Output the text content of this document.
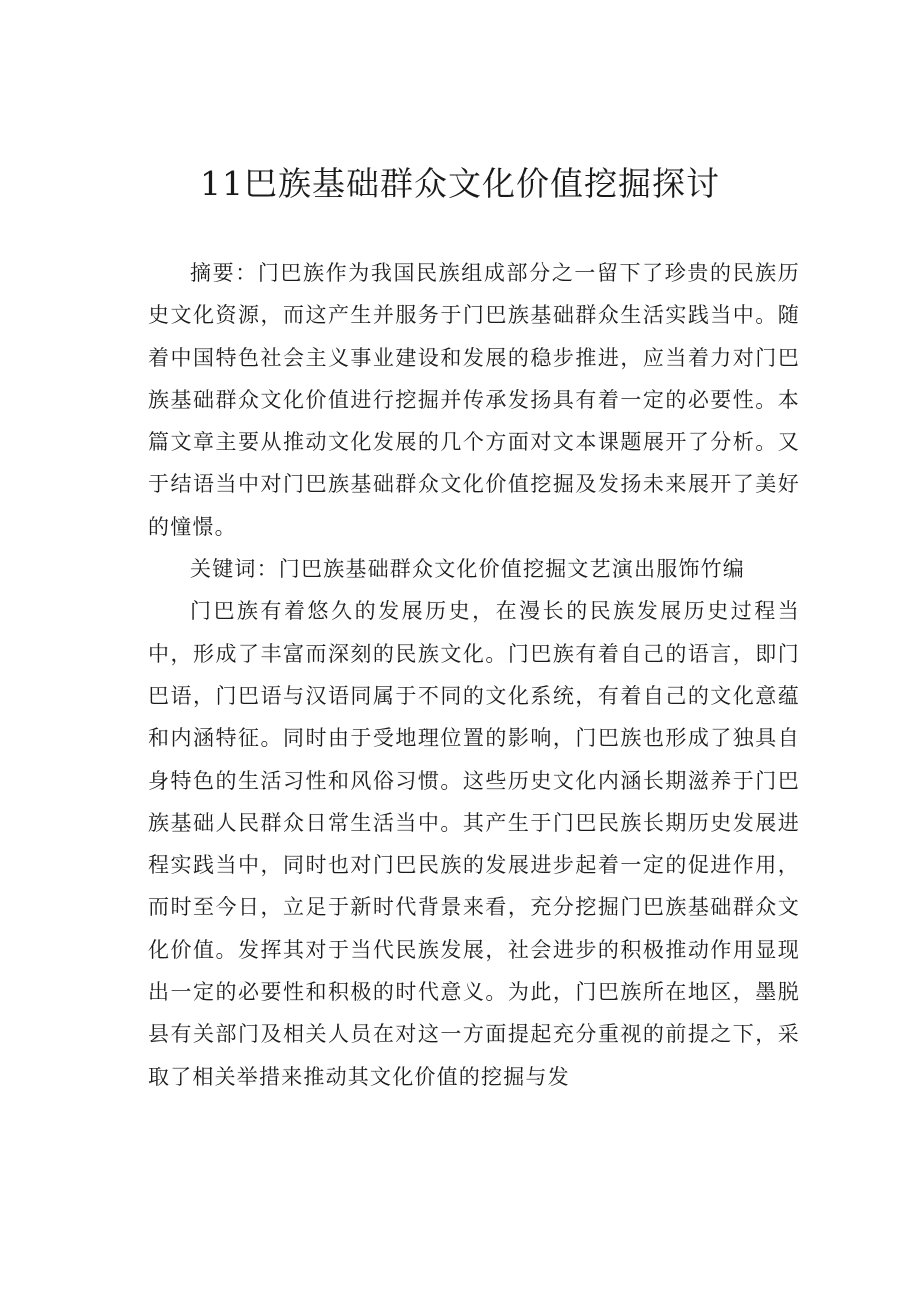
11巴族基础群众文化价值挖掘探讨

摘要：门巴族作为我国民族组成部分之一留下了珍贵的民族历史文化资源，而这产生并服务于门巴族基础群众生活实践当中。随着中国特色社会主义事业建设和发展的稳步推进，应当着力对门巴族基础群众文化价值进行挖掘并传承发扬具有着一定的必要性。本篇文章主要从推动文化发展的几个方面对文本课题展开了分析。又于结语当中对门巴族基础群众文化价值挖掘及发扬未来展开了美好的憧憬。

关键词：门巴族基础群众文化价值挖掘文艺演出服饰竹编

门巴族有着悠久的发展历史，在漫长的民族发展历史过程当中，形成了丰富而深刻的民族文化。门巴族有着自己的语言，即门巴语，门巴语与汉语同属于不同的文化系统，有着自己的文化意蕴和内涵特征。同时由于受地理位置的影响，门巴族也形成了独具自身特色的生活习性和风俗习惯。这些历史文化内涵长期滋养于门巴族基础人民群众日常生活当中。其产生于门巴民族长期历史发展进程实践当中，同时也对门巴民族的发展进步起着一定的促进作用，而时至今日，立足于新时代背景来看，充分挖掘门巴族基础群众文化价值。发挥其对于当代民族发展，社会进步的积极推动作用显现出一定的必要性和积极的时代意义。为此，门巴族所在地区，墨脱县有关部门及相关人员在对这一方面提起充分重视的前提之下，采取了相关举措来推动其文化价值的挖掘与发
